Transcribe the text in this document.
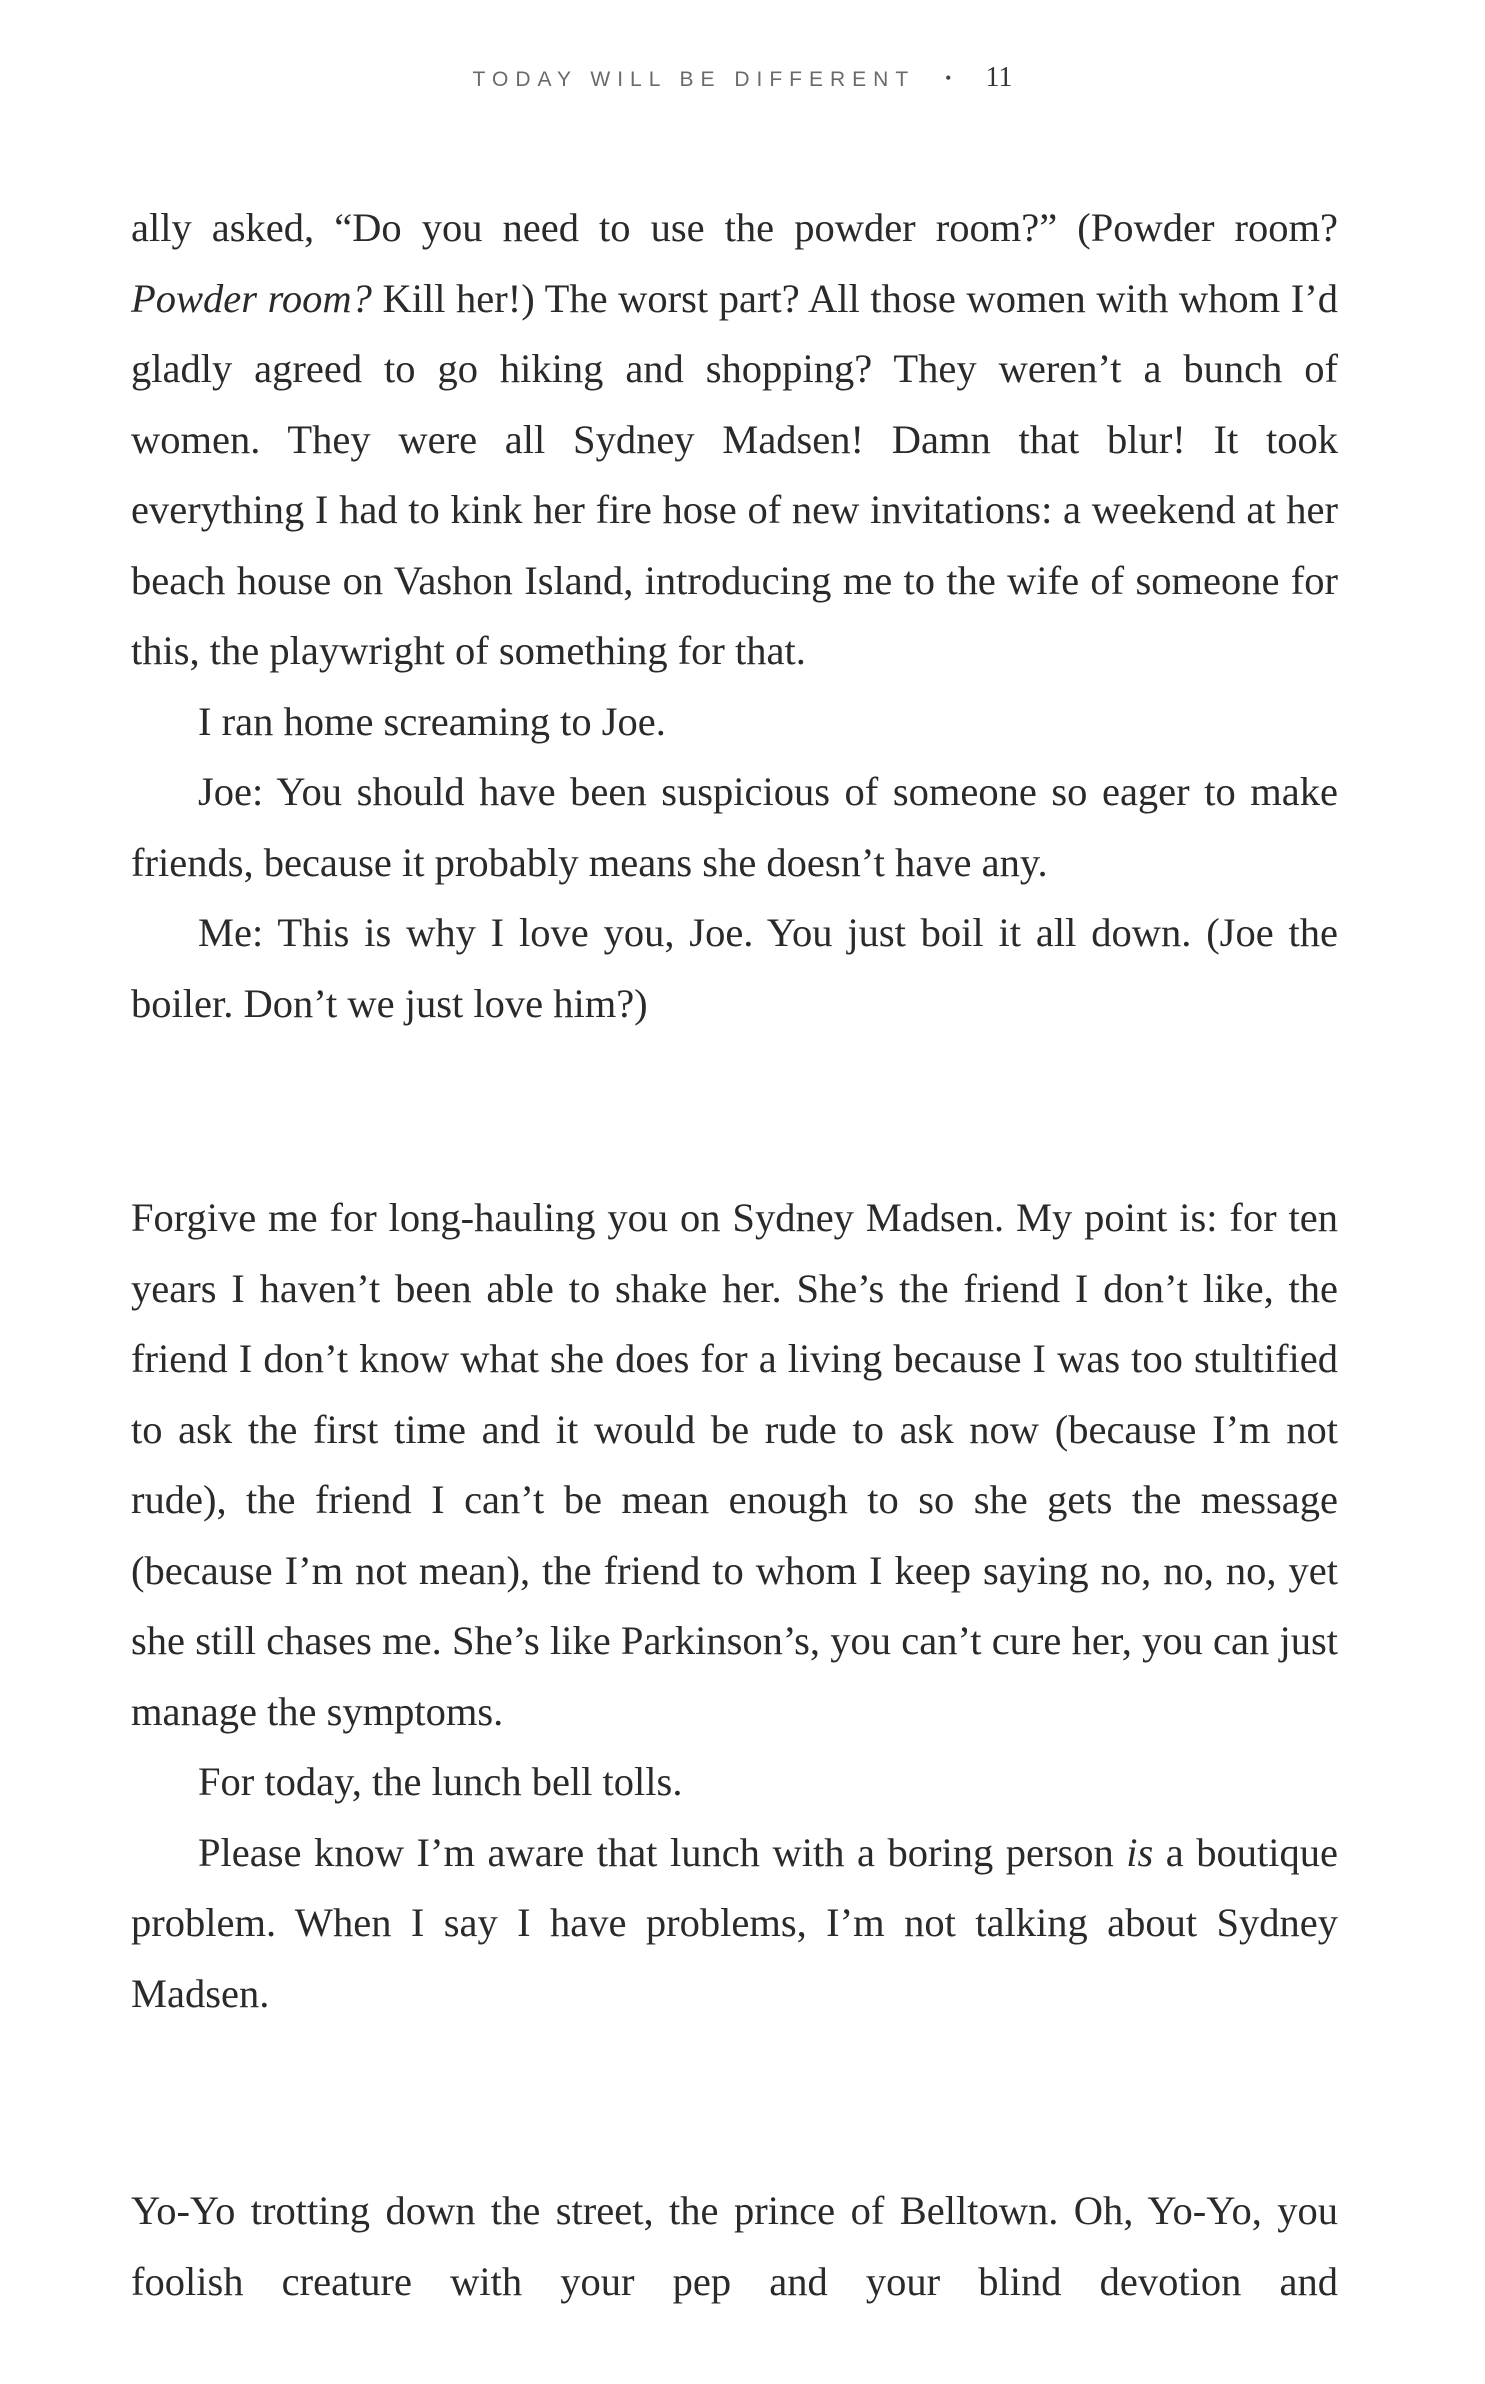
TODAY WILL BE DIFFERENT • 11

ally asked, “Do you need to use the powder room?” (Powder room? Powder room? Kill her!) The worst part? All those women with whom I’d gladly agreed to go hiking and shopping? They weren’t a bunch of women. They were all Sydney Madsen! Damn that blur! It took everything I had to kink her fire hose of new invitations: a weekend at her beach house on Vashon Island, introducing me to the wife of someone for this, the playwright of something for that.

I ran home screaming to Joe.

Joe: You should have been suspicious of someone so eager to make friends, because it probably means she doesn’t have any.

Me: This is why I love you, Joe. You just boil it all down. (Joe the boiler. Don’t we just love him?)

Forgive me for long-hauling you on Sydney Madsen. My point is: for ten years I haven’t been able to shake her. She’s the friend I don’t like, the friend I don’t know what she does for a living because I was too stultified to ask the first time and it would be rude to ask now (because I’m not rude), the friend I can’t be mean enough to so she gets the message (because I’m not mean), the friend to whom I keep saying no, no, no, yet she still chases me. She’s like Parkinson’s, you can’t cure her, you can just manage the symptoms.

For today, the lunch bell tolls.

Please know I’m aware that lunch with a boring person is a boutique problem. When I say I have problems, I’m not talking about Sydney Madsen.

Yo-Yo trotting down the street, the prince of Belltown. Oh, Yo-Yo, you foolish creature with your pep and your blind devotion and
